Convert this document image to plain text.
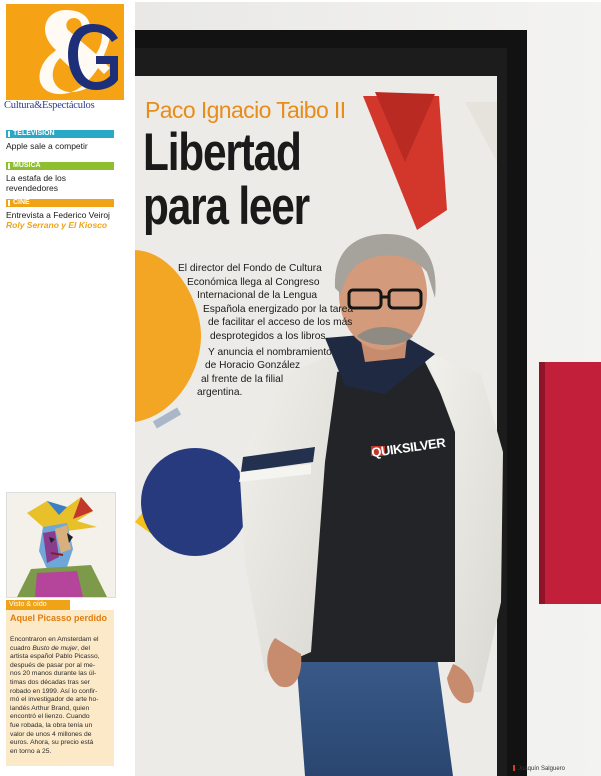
Cultura&Espectáculos
TELEVISION
Apple sale a competir
MUSICA
La estafa de los revendedores
CINE
Entrevista a Federico Veiroj
Roly Serrano y El Kiosco
Visto & oído
Aquel Picasso perdido
Encontraron en Amsterdam el
cuadro Busto de mujer, del
artista español Pablo Picasso,
después de pasar por al me-
nos 20 manos durante las úl-
timas dos décadas tras ser
robado en 1999. Así lo confir-
mó el investigador de arte ho-
landés Arthur Brand, quien
encontró el lienzo. Cuando
fue robada, la obra tenía un
valor de unos 4 millones de
euros. Ahora, su precio está
en torno a 25.
QUIKSILVER
Paco Ignacio Taibo II
Libertad
para leer
El director del Fondo de Cultura
Económica llega al Congreso
Internacional de la Lengua
Española energizado por la tarea
de facilitar el acceso de los más
desprotegidos a los libros.
Y anuncia el nombramiento
de Horacio González
al frente de la filial
argentina.
Joaquín Salguero
